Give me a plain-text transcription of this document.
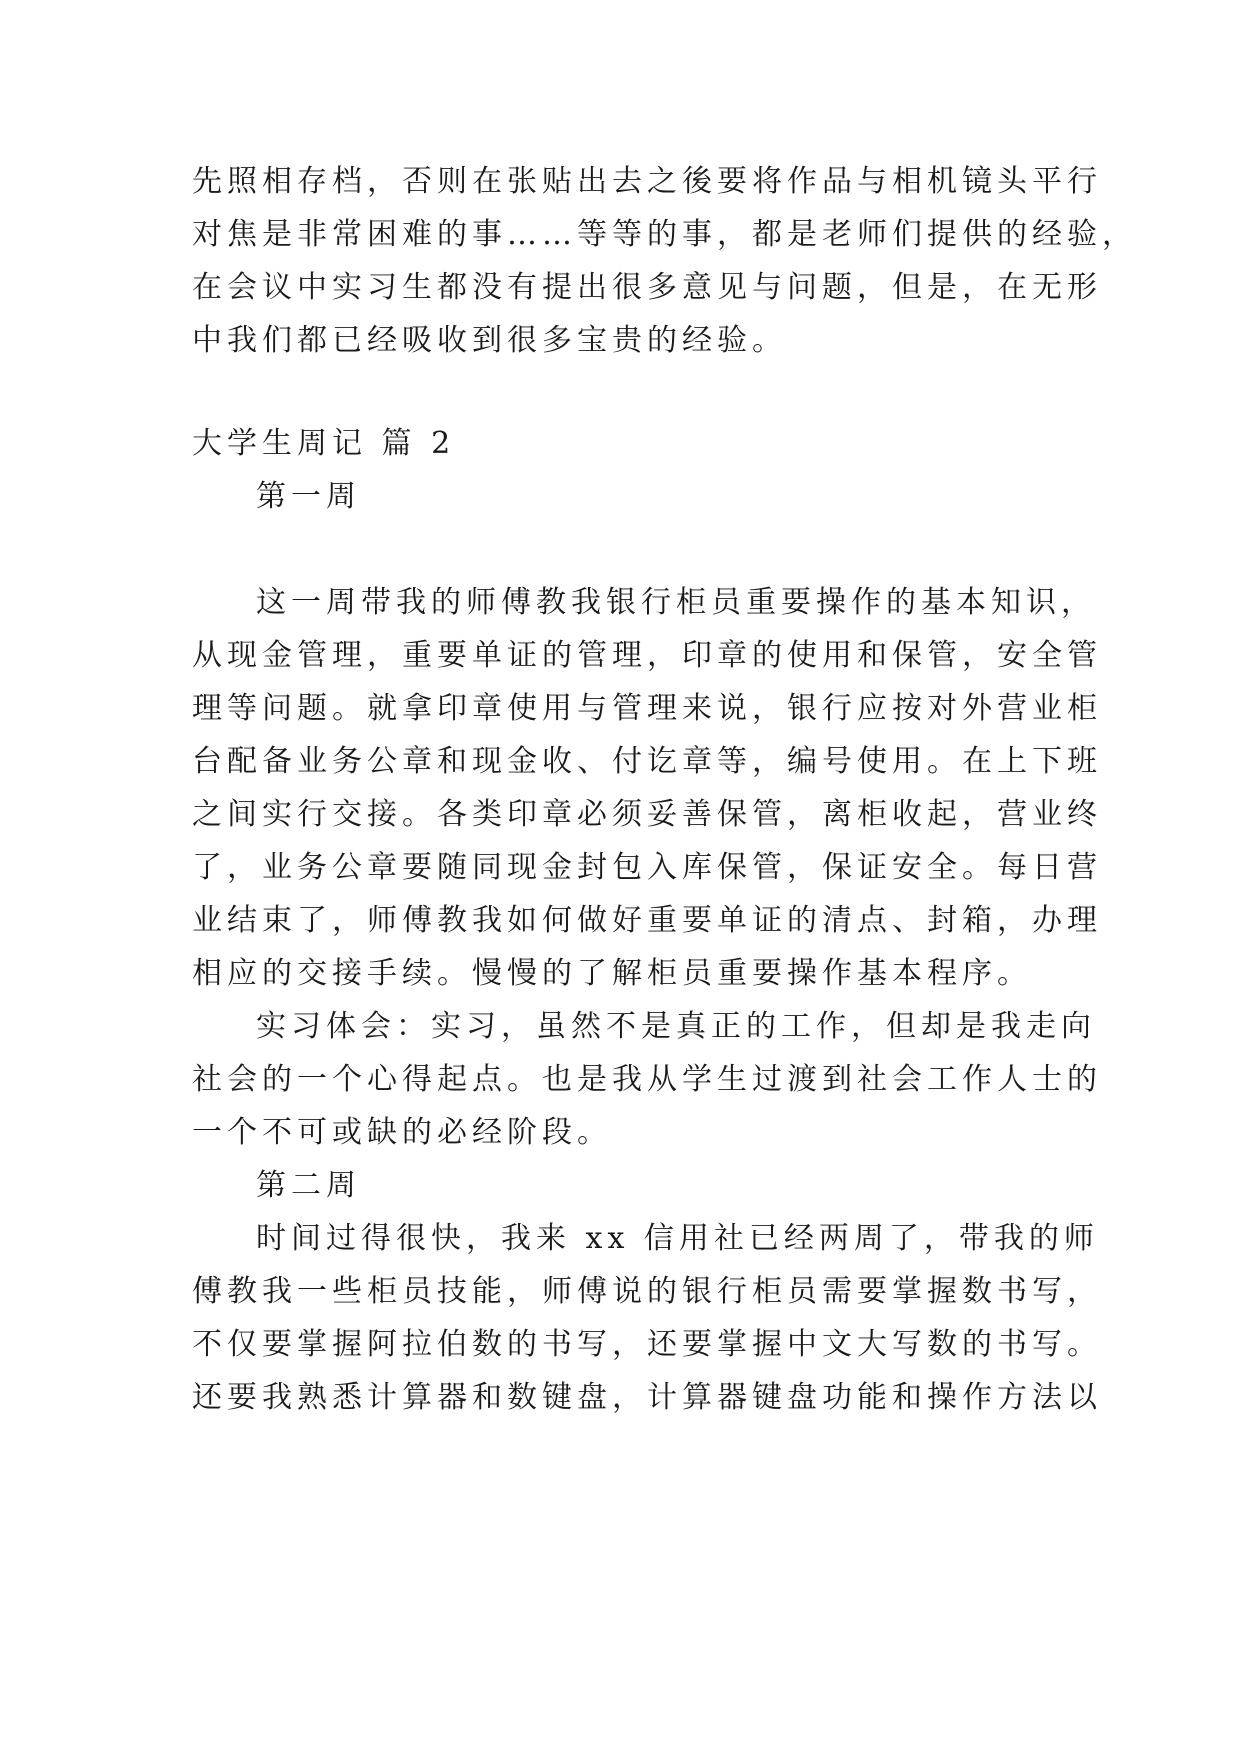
先照相存档，否则在张贴出去之後要将作品与相机镜头平行
对焦是非常困难的事……等等的事，都是老师们提供的经验，
在会议中实习生都没有提出很多意见与问题，但是，在无形
中我们都已经吸收到很多宝贵的经验。
大学生周记 篇 2
第一周
这一周带我的师傅教我银行柜员重要操作的基本知识，
从现金管理，重要单证的管理，印章的使用和保管，安全管
理等问题。就拿印章使用与管理来说，银行应按对外营业柜
台配备业务公章和现金收、付讫章等，编号使用。在上下班
之间实行交接。各类印章必须妥善保管，离柜收起，营业终
了，业务公章要随同现金封包入库保管，保证安全。每日营
业结束了，师傅教我如何做好重要单证的清点、封箱，办理
相应的交接手续。慢慢的了解柜员重要操作基本程序。
实习体会：实习，虽然不是真正的工作，但却是我走向
社会的一个心得起点。也是我从学生过渡到社会工作人士的
一个不可或缺的必经阶段。
第二周
时间过得很快，我来 xx 信用社已经两周了，带我的师
傅教我一些柜员技能，师傅说的银行柜员需要掌握数书写，
不仅要掌握阿拉伯数的书写，还要掌握中文大写数的书写。
还要我熟悉计算器和数键盘，计算器键盘功能和操作方法以
